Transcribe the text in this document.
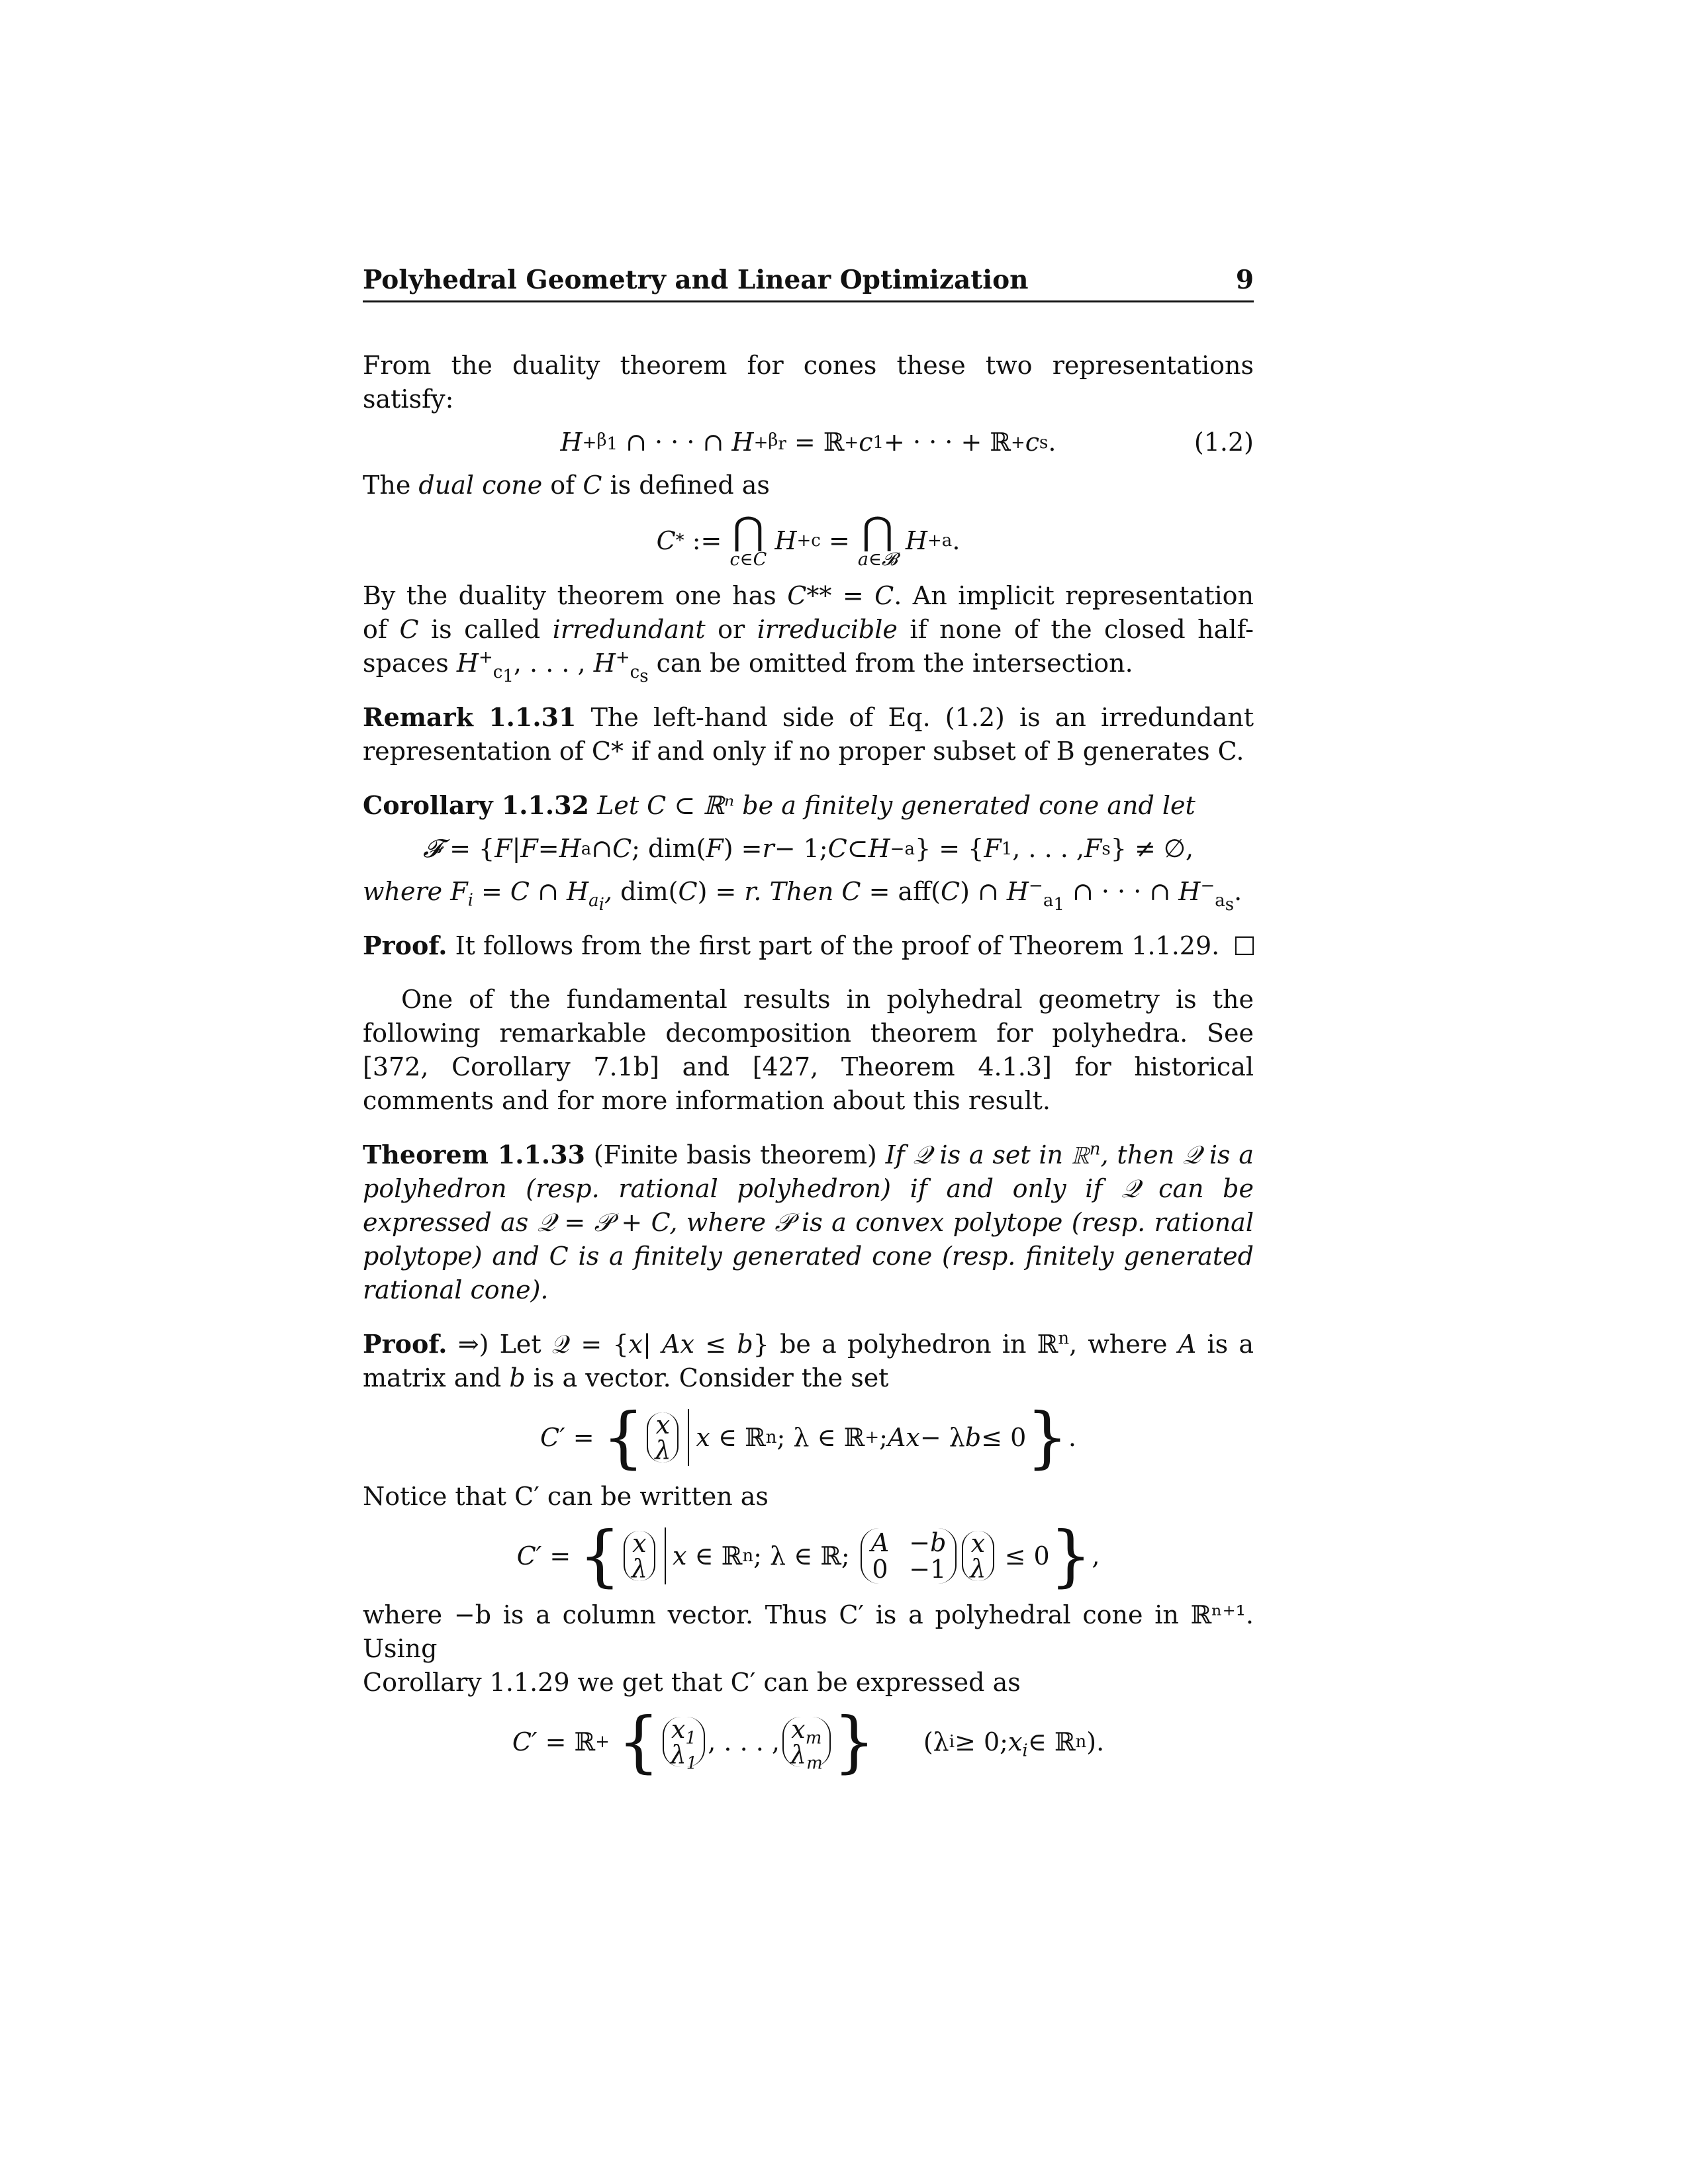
Polyhedral Geometry and Linear Optimization	9

From the duality theorem for cones these two representations satisfy:

$H + \beta_1$ ∩ · · · ∩ $H + \beta_r$ = ℝ + c 1 + · · · + ℝ + c s .	(1.2)

The dual cone of C is defined as

C * := ⋂
c∈C

H + c = ⋂
a∈𝓑

H + a .

By the duality theorem one has C** = C. An implicit representation of C is called irredundant or irreducible if none of the closed half-spaces $H^+_{c_1}$, . . . , $H^+_{c_s}$ can be omitted from the intersection.

Remark 1.1.31 The left-hand side of Eq. (1.2) is an irredundant representation of C* if and only if no proper subset of B generates C.

Corollary 1.1.32 Let C ⊂ ℝⁿ be a finitely generated cone and let

𝓕 = { F | F = H a ∩ C ; dim( F ) = r − 1; C ⊂ H − a } = { F 1 , . . . , F s } ≠ ∅,

where $F_i = C$ ∩ $H_{a_i}$, dim(C) = r. Then C = aff(C) ∩ $H^-_{a_1}$ ∩ · · · ∩ $H^-_{a_s}$.

Proof. It follows from the first part of the proof of Theorem 1.1.29.

One of the fundamental results in polyhedral geometry is the following remarkable decomposition theorem for polyhedra. See [372, Corollary 7.1b] and [427, Theorem 4.1.3] for historical comments and for more information about this result.

Theorem 1.1.33 (Finite basis theorem) If 𝒬 is a set in ℝ$^n$, then 𝒬 is a polyhedron (resp. rational polyhedron) if and only if 𝒬 can be expressed as 𝒬 = 𝒫 + C, where 𝒫 is a convex polytope (resp. rational polytope) and C is a finitely generated cone (resp. finitely generated rational cone).

Proof. ⇒) Let 𝒬 = {x| Ax ≤ b} be a polyhedron in ℝ$^n$, where A is a matrix and b is a vector. Consider the set

C′ = { x
λ x ∈ ℝ n ; λ ∈ ℝ + ; Ax − λ b ≤ 0 } .

Notice that C′ can be written as

C′ = { x
λ x ∈ ℝ n ; λ ∈ ℝ; A −b
0 −1
x
λ ≤ 0 } ,

where −b is a column vector. Thus C′ is a polyhedral cone in ℝⁿ⁺¹. Using
Corollary 1.1.29 we get that C′ can be expressed as

C′ = ℝ +
{ $x_1$
$\lambda_1$
, . . . , $x_m$
$\lambda_m$ } (λ i ≥ 0; $x_i$ ∈ ℝ n ).
